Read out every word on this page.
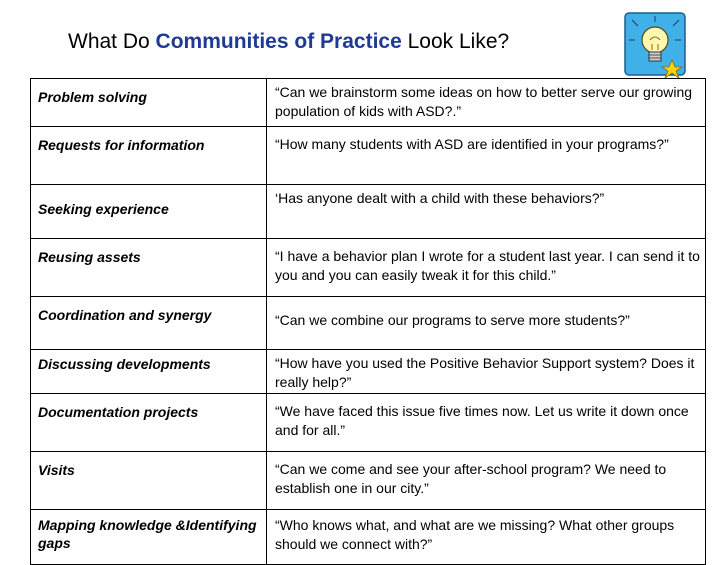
What Do Communities of Practice Look Like?
Problem solving	“Can we brainstorm some ideas on how to better serve our growing population of kids with ASD?.”
Requests for information	“How many students with ASD are identified in your programs?”
Seeking experience	‘Has anyone dealt with a child with these behaviors?”
Reusing assets	“I have a behavior plan I wrote for a student last year. I can send it to you and you can easily tweak it for this child.”
Coordination and synergy	“Can we combine our programs to serve more students?”
Discussing developments	“How have you used the Positive Behavior Support system? Does it really help?”
Documentation projects	“We have faced this issue five times now. Let us write it down once and for all.”
Visits	“Can we come and see your after-school program? We need to establish one in our city.”
Mapping knowledge &Identifying gaps	“Who knows what, and what are we missing? What other groups should we connect with?”
